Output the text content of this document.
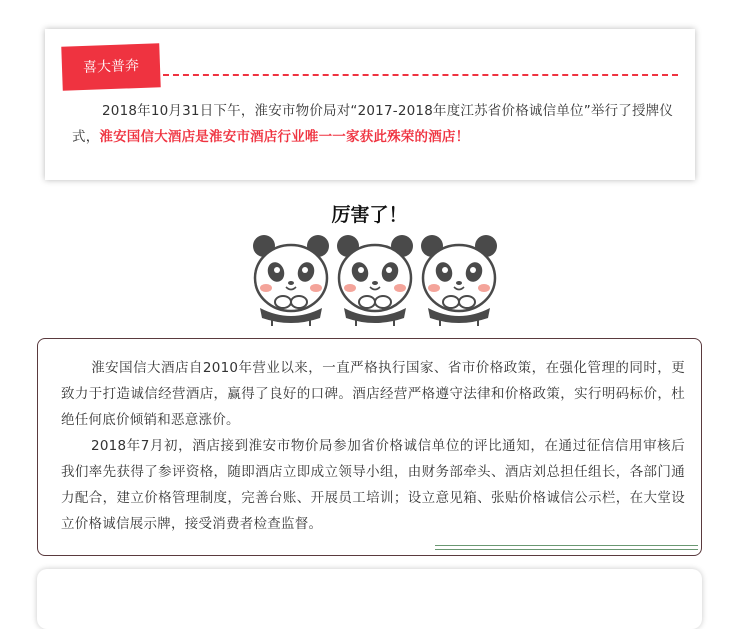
喜大普奔
2018年10月31日下午，淮安市物价局对“2017-2018年度江苏省价格诚信单位”举行了授牌仪式，淮安国信大酒店是淮安市酒店行业唯一一家获此殊荣的酒店！
厉害了！

淮安国信大酒店自2010年营业以来，一直严格执行国家、省市价格政策，在强化管理的同时，更致力于打造诚信经营酒店，赢得了良好的口碑。酒店经营严格遵守法律和价格政策，实行明码标价，杜绝任何底价倾销和恶意涨价。

2018年7月初，酒店接到淮安市物价局参加省价格诚信单位的评比通知，在通过征信信用审核后我们率先获得了参评资格，随即酒店立即成立领导小组，由财务部牵头、酒店刘总担任组长，各部门通力配合，建立价格管理制度，完善台账、开展员工培训；设立意见箱、张贴价格诚信公示栏，在大堂设立价格诚信展示牌，接受消费者检查监督。
